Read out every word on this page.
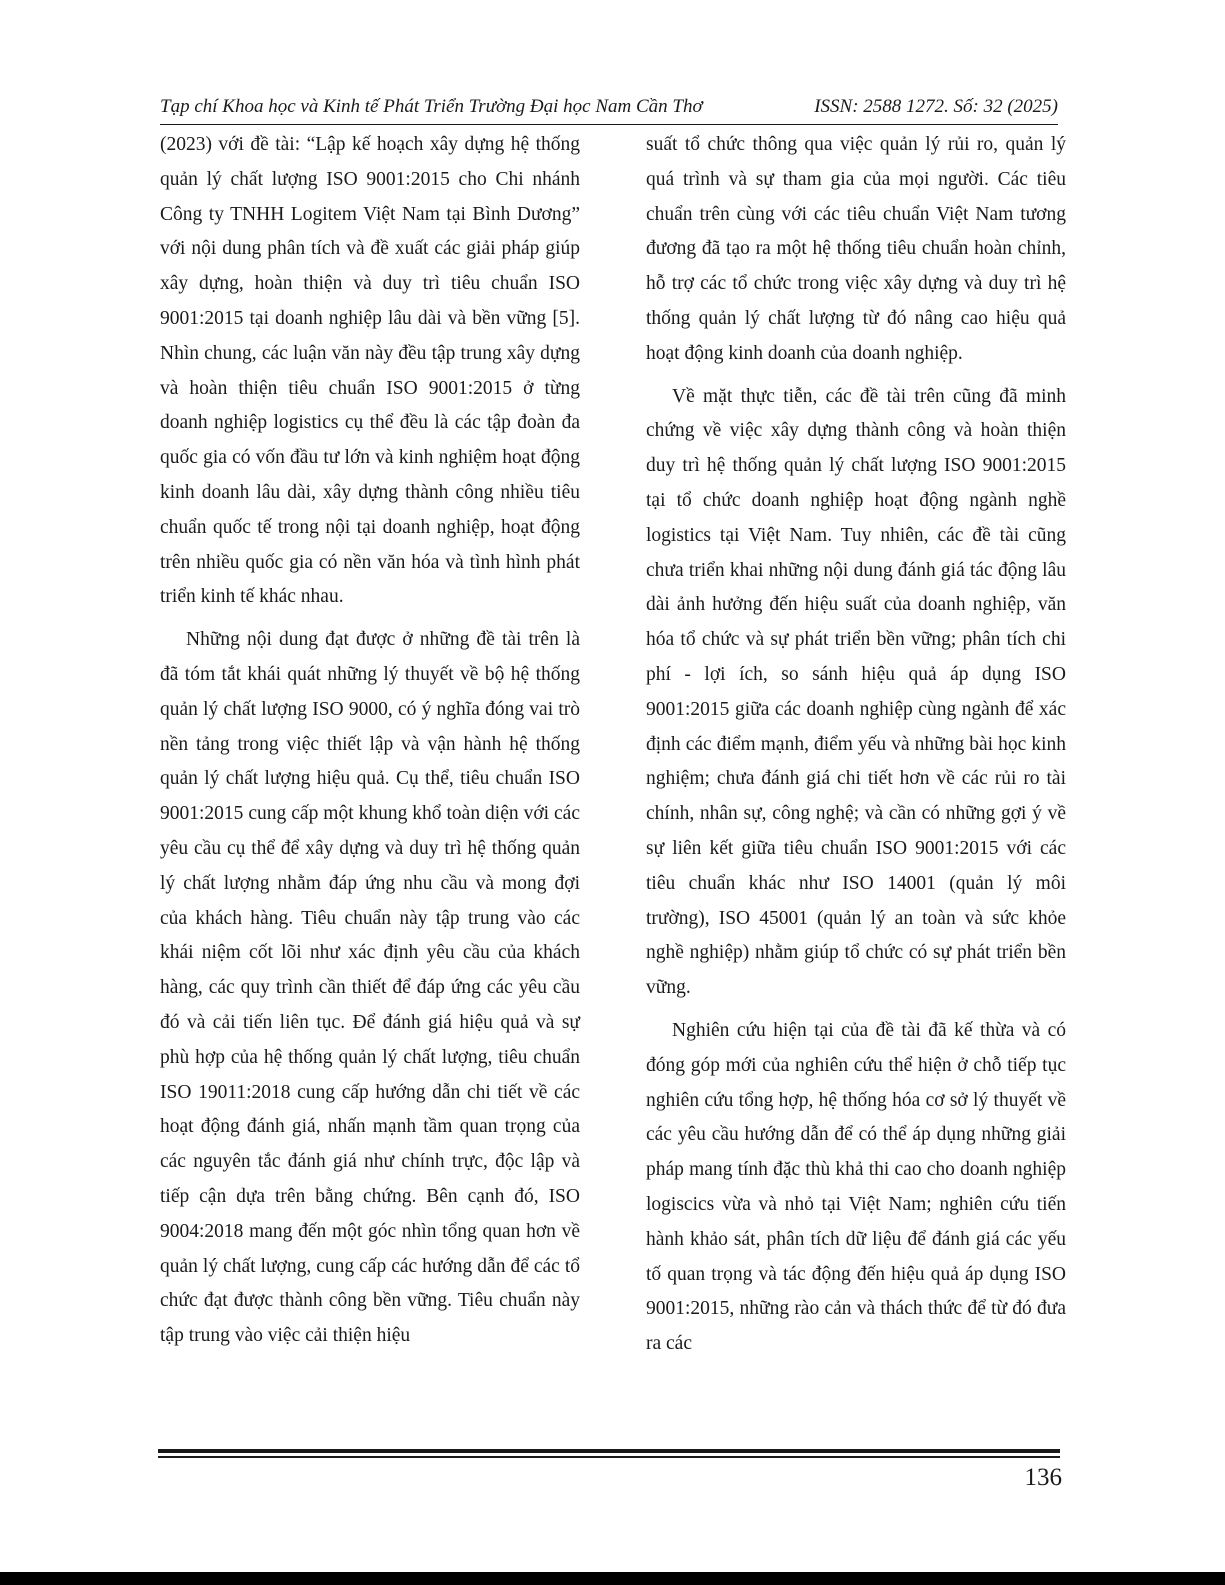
Tạp chí Khoa học và Kinh tế Phát Triển Trường Đại học Nam Cần Thơ	ISSN: 2588 1272. Số: 32 (2025)

(2023) với đề tài: “Lập kế hoạch xây dựng hệ thống quản lý chất lượng ISO 9001:2015 cho Chi nhánh Công ty TNHH Logitem Việt Nam tại Bình Dương” với nội dung phân tích và đề xuất các giải pháp giúp xây dựng, hoàn thiện và duy trì tiêu chuẩn ISO 9001:2015 tại doanh nghiệp lâu dài và bền vững [5]. Nhìn chung, các luận văn này đều tập trung xây dựng và hoàn thiện tiêu chuẩn ISO 9001:2015 ở từng doanh nghiệp logistics cụ thể đều là các tập đoàn đa quốc gia có vốn đầu tư lớn và kinh nghiệm hoạt động kinh doanh lâu dài, xây dựng thành công nhiều tiêu chuẩn quốc tế trong nội tại doanh nghiệp, hoạt động trên nhiều quốc gia có nền văn hóa và tình hình phát triển kinh tế khác nhau.

Những nội dung đạt được ở những đề tài trên là đã tóm tắt khái quát những lý thuyết về bộ hệ thống quản lý chất lượng ISO 9000, có ý nghĩa đóng vai trò nền tảng trong việc thiết lập và vận hành hệ thống quản lý chất lượng hiệu quả. Cụ thể, tiêu chuẩn ISO 9001:2015 cung cấp một khung khổ toàn diện với các yêu cầu cụ thể để xây dựng và duy trì hệ thống quản lý chất lượng nhằm đáp ứng nhu cầu và mong đợi của khách hàng. Tiêu chuẩn này tập trung vào các khái niệm cốt lõi như xác định yêu cầu của khách hàng, các quy trình cần thiết để đáp ứng các yêu cầu đó và cải tiến liên tục. Để đánh giá hiệu quả và sự phù hợp của hệ thống quản lý chất lượng, tiêu chuẩn ISO 19011:2018 cung cấp hướng dẫn chi tiết về các hoạt động đánh giá, nhấn mạnh tầm quan trọng của các nguyên tắc đánh giá như chính trực, độc lập và tiếp cận dựa trên bằng chứng. Bên cạnh đó, ISO 9004:2018 mang đến một góc nhìn tổng quan hơn về quản lý chất lượng, cung cấp các hướng dẫn để các tổ chức đạt được thành công bền vững. Tiêu chuẩn này tập trung vào việc cải thiện hiệu

suất tổ chức thông qua việc quản lý rủi ro, quản lý quá trình và sự tham gia của mọi người. Các tiêu chuẩn trên cùng với các tiêu chuẩn Việt Nam tương đương đã tạo ra một hệ thống tiêu chuẩn hoàn chỉnh, hỗ trợ các tổ chức trong việc xây dựng và duy trì hệ thống quản lý chất lượng từ đó nâng cao hiệu quả hoạt động kinh doanh của doanh nghiệp.

Về mặt thực tiễn, các đề tài trên cũng đã minh chứng về việc xây dựng thành công và hoàn thiện duy trì hệ thống quản lý chất lượng ISO 9001:2015 tại tổ chức doanh nghiệp hoạt động ngành nghề logistics tại Việt Nam. Tuy nhiên, các đề tài cũng chưa triển khai những nội dung đánh giá tác động lâu dài ảnh hưởng đến hiệu suất của doanh nghiệp, văn hóa tổ chức và sự phát triển bền vững; phân tích chi phí - lợi ích, so sánh hiệu quả áp dụng ISO 9001:2015 giữa các doanh nghiệp cùng ngành để xác định các điểm mạnh, điểm yếu và những bài học kinh nghiệm; chưa đánh giá chi tiết hơn về các rủi ro tài chính, nhân sự, công nghệ; và cần có những gợi ý về sự liên kết giữa tiêu chuẩn ISO 9001:2015 với các tiêu chuẩn khác như ISO 14001 (quản lý môi trường), ISO 45001 (quản lý an toàn và sức khỏe nghề nghiệp) nhằm giúp tổ chức có sự phát triển bền vững.

Nghiên cứu hiện tại của đề tài đã kế thừa và có đóng góp mới của nghiên cứu thể hiện ở chỗ tiếp tục nghiên cứu tổng hợp, hệ thống hóa cơ sở lý thuyết về các yêu cầu hướng dẫn để có thể áp dụng những giải pháp mang tính đặc thù khả thi cao cho doanh nghiệp logiscics vừa và nhỏ tại Việt Nam; nghiên cứu tiến hành khảo sát, phân tích dữ liệu để đánh giá các yếu tố quan trọng và tác động đến hiệu quả áp dụng ISO 9001:2015, những rào cản và thách thức để từ đó đưa ra các

136
